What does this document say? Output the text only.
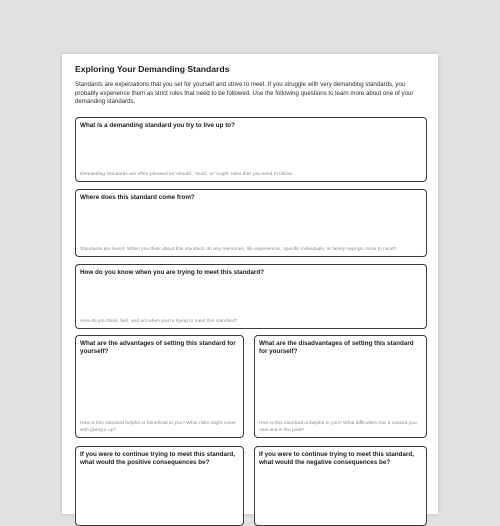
Exploring Your Demanding Standards

Standards are expectations that you set for yourself and strive to meet. If you struggle with very demanding standards, you probably experience them as strict rules that need to be followed. Use the following questions to learn more about one of your demanding standards.

What is a demanding standard you try to live up to?
Demanding standards are often phrased as 'should', 'must', or 'ought' rules that you need to follow.
Where does this standard come from?
Standards are learnt. When you think about this standard, do any memories, life experiences, specific individuals, or family sayings come to mind?
How do you know when you are trying to meet this standard?
How do you think, feel, and act when you're trying to meet this standard?
What are the advantages of setting this standard for yourself?
How is this standard helpful or beneficial to you? What risks might come with giving it up?
What are the disadvantages of setting this standard for yourself?
How is this standard unhelpful to you? What difficulties has it caused you, now and in the past?
If you were to continue trying to meet this standard, what would the positive consequences be?
If you were to continue trying to meet this standard, what would the negative consequences be?
